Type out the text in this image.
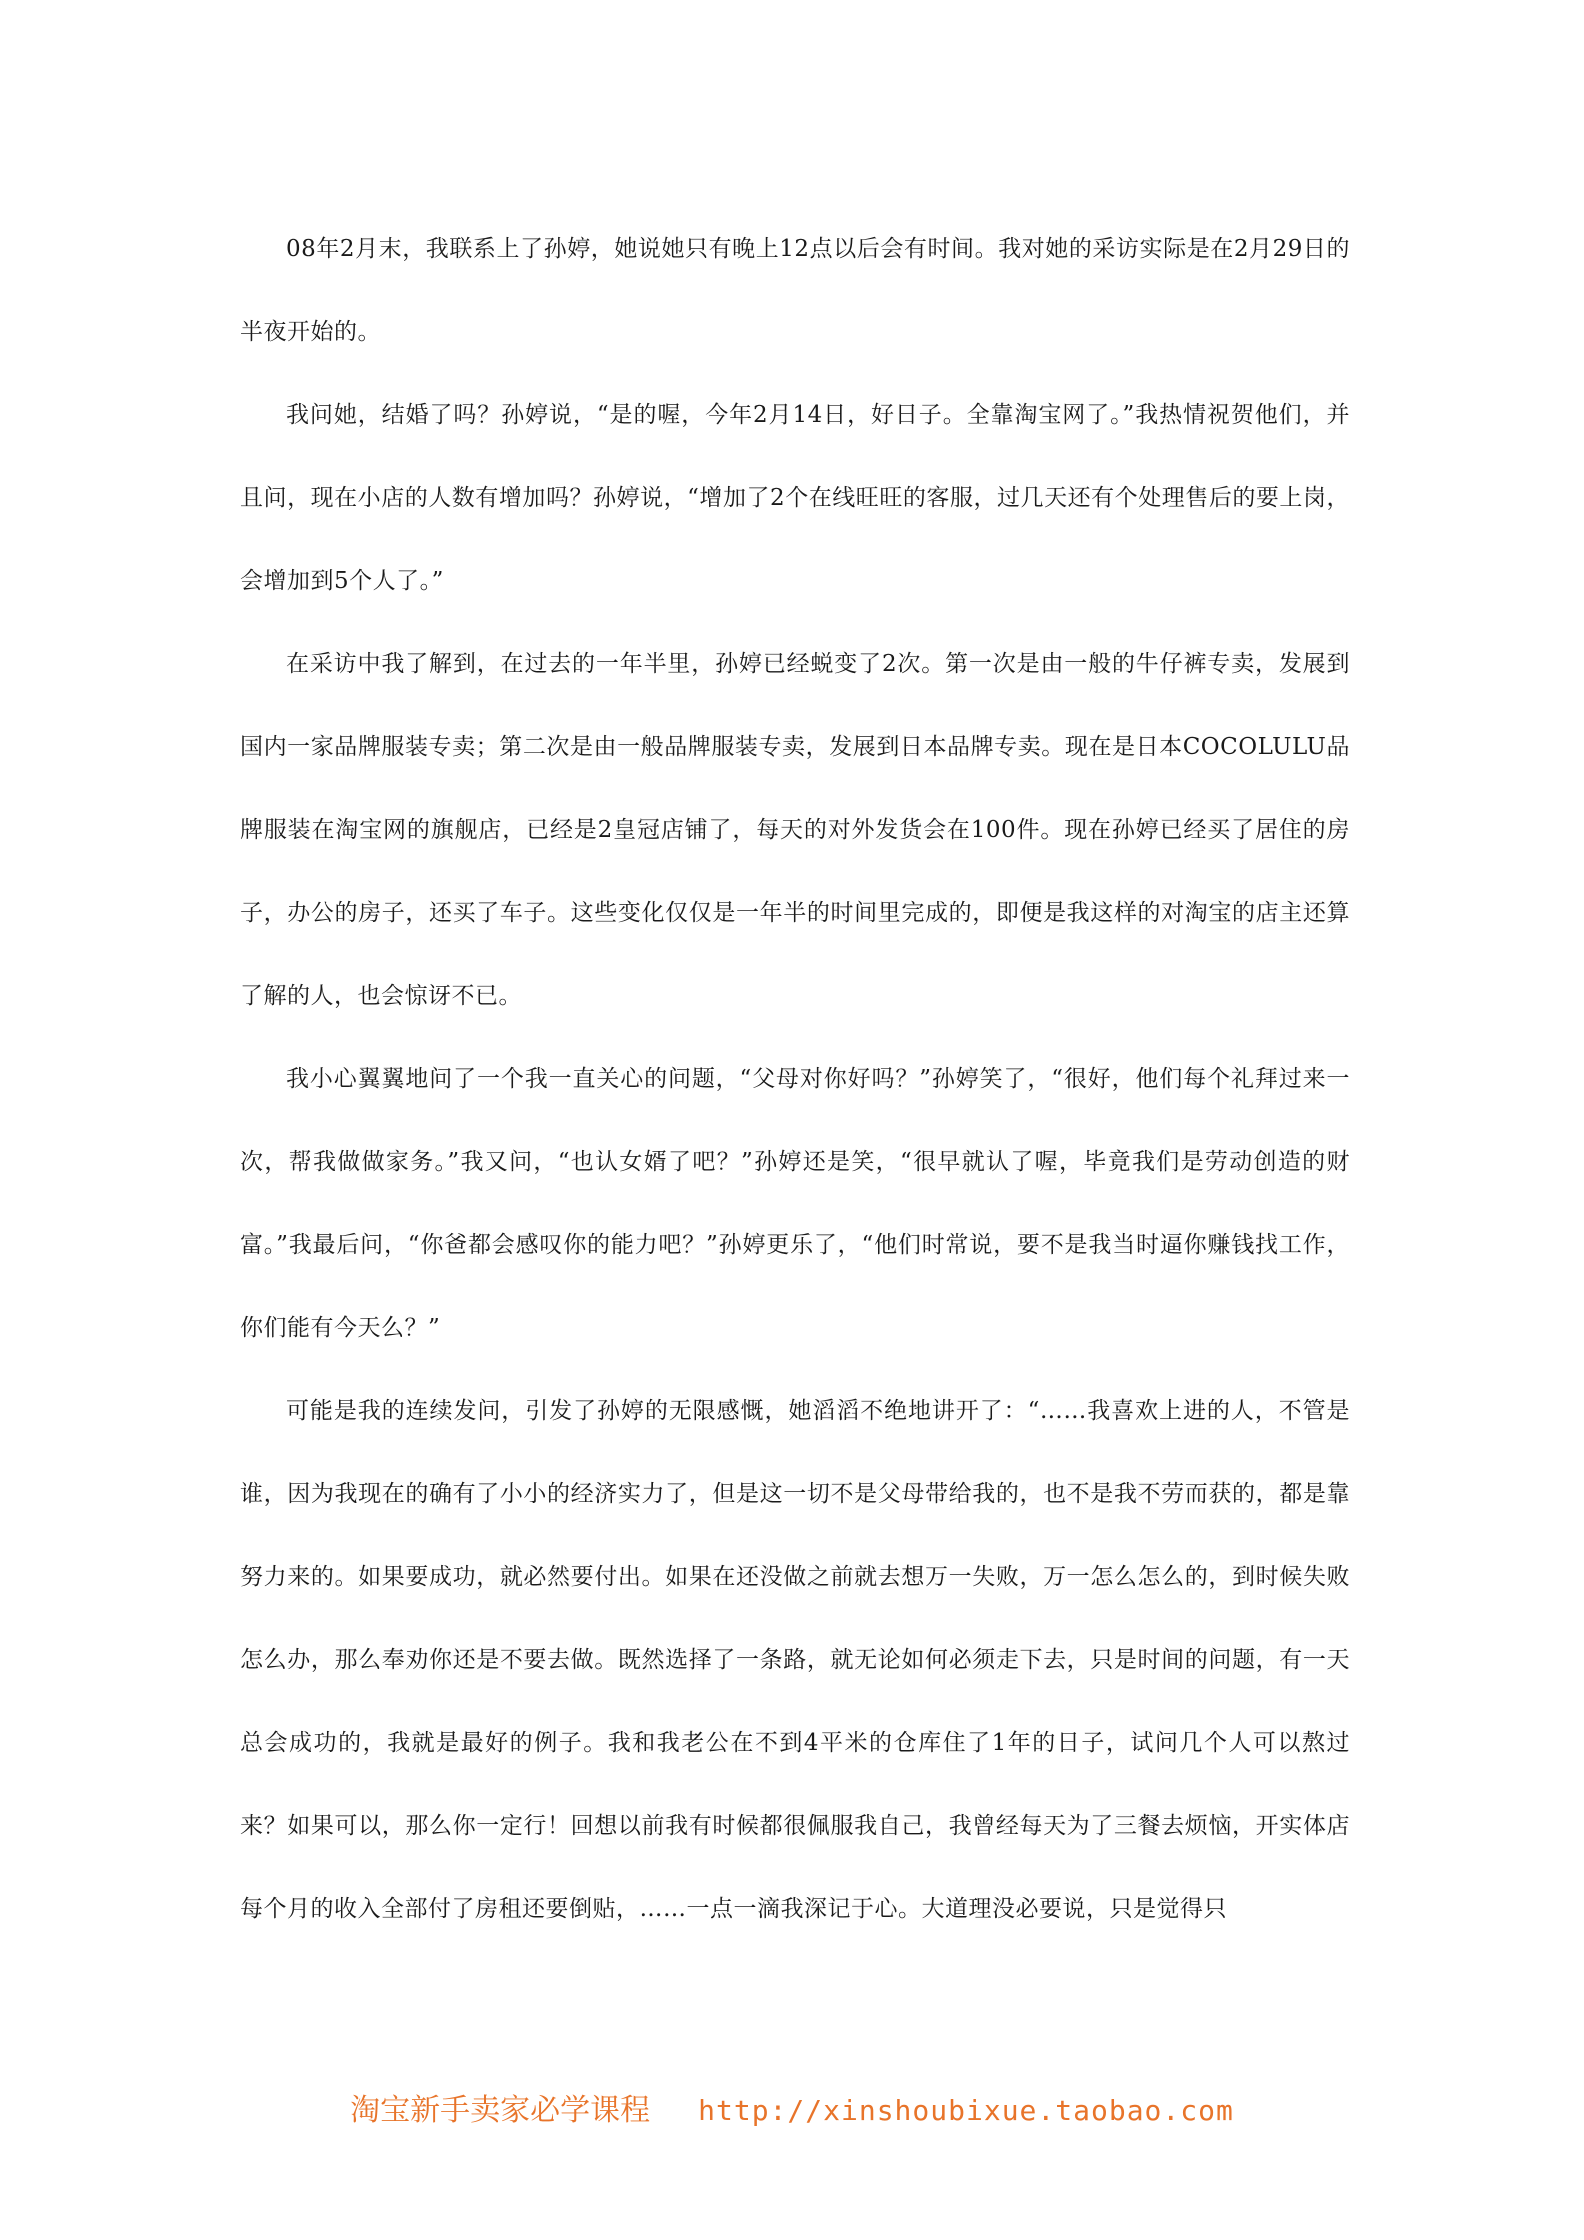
08年2月末，我联系上了孙婷，她说她只有晚上12点以后会有时间。我对她的采访实际是在2月29日的半夜开始的。

我问她，结婚了吗？孙婷说，“是的喔，今年2月14日，好日子。全靠淘宝网了。”我热情祝贺他们，并且问，现在小店的人数有增加吗？孙婷说，“增加了2个在线旺旺的客服，过几天还有个处理售后的要上岗，会增加到5个人了。”

在采访中我了解到，在过去的一年半里，孙婷已经蜕变了2次。第一次是由一般的牛仔裤专卖，发展到国内一家品牌服装专卖；第二次是由一般品牌服装专卖，发展到日本品牌专卖。现在是日本COCOLULU品牌服装在淘宝网的旗舰店，已经是2皇冠店铺了，每天的对外发货会在100件。现在孙婷已经买了居住的房子，办公的房子，还买了车子。这些变化仅仅是一年半的时间里完成的，即便是我这样的对淘宝的店主还算了解的人，也会惊讶不已。

我小心翼翼地问了一个我一直关心的问题，“父母对你好吗？”孙婷笑了，“很好，他们每个礼拜过来一次，帮我做做家务。”我又问，“也认女婿了吧？”孙婷还是笑，“很早就认了喔，毕竟我们是劳动创造的财富。”我最后问，“你爸都会感叹你的能力吧？”孙婷更乐了，“他们时常说，要不是我当时逼你赚钱找工作，你们能有今天么？”

可能是我的连续发问，引发了孙婷的无限感慨，她滔滔不绝地讲开了：“……我喜欢上进的人，不管是谁，因为我现在的确有了小小的经济实力了，但是这一切不是父母带给我的，也不是我不劳而获的，都是靠努力来的。如果要成功，就必然要付出。如果在还没做之前就去想万一失败，万一怎么怎么的，到时候失败怎么办，那么奉劝你还是不要去做。既然选择了一条路，就无论如何必须走下去，只是时间的问题，有一天总会成功的，我就是最好的例子。我和我老公在不到4平米的仓库住了1年的日子，试问几个人可以熬过来？如果可以，那么你一定行！回想以前我有时候都很佩服我自己，我曾经每天为了三餐去烦恼，开实体店每个月的收入全部付了房租还要倒贴，……一点一滴我深记于心。大道理没必要说，只是觉得只

淘宝新手卖家必学课程 http://xinshoubixue.taobao.com
